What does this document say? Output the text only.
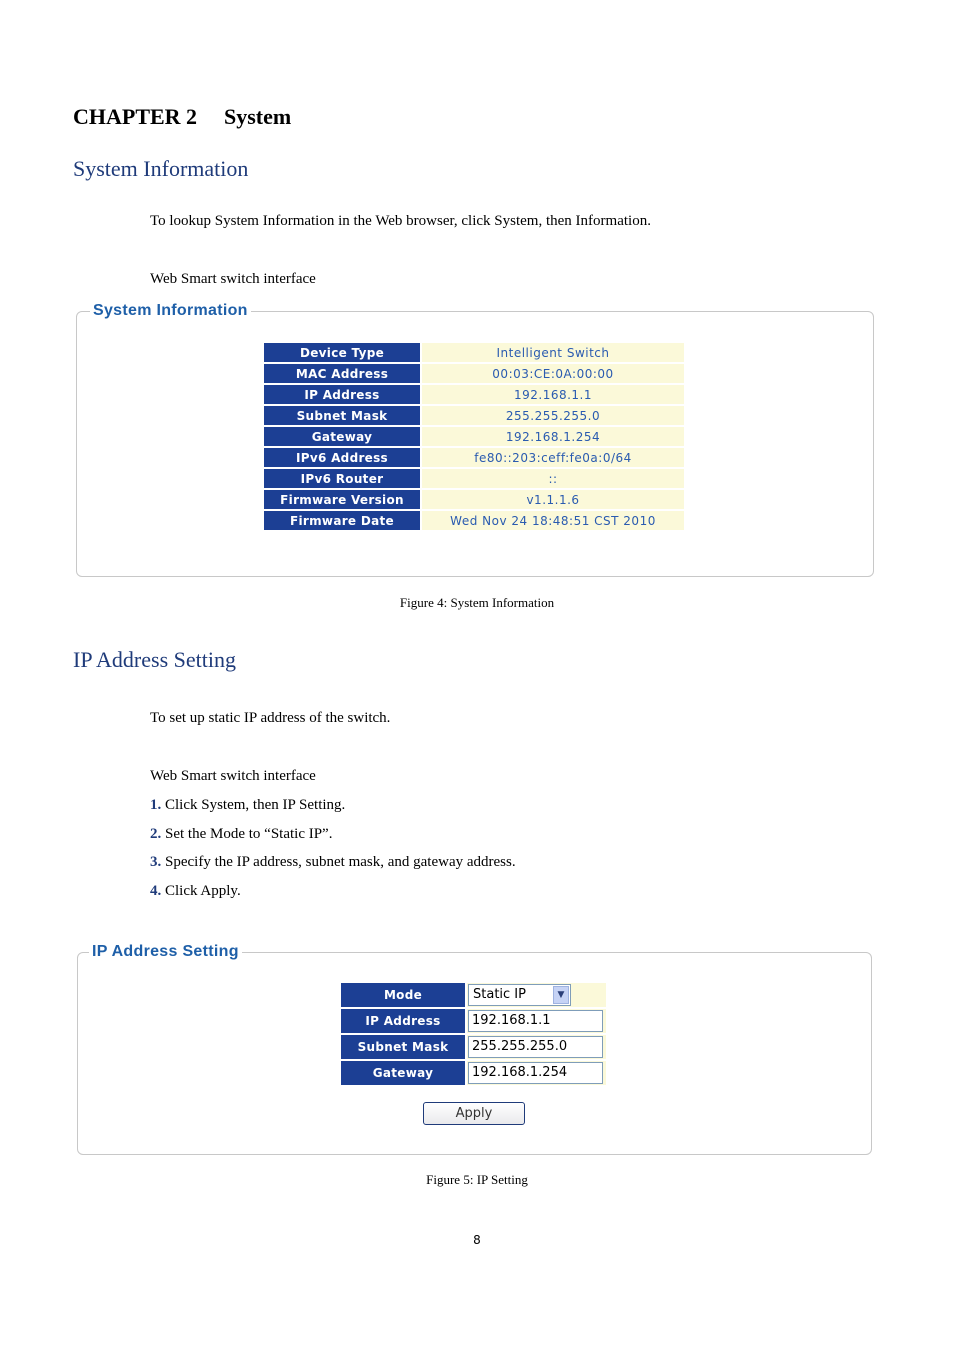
CHAPTER 2 System
System Information
To lookup System Information in the Web browser, click System, then Information.
Web Smart switch interface
System Information
Device Type	Intelligent Switch
MAC Address	00:03:CE:0A:00:00
IP Address	192.168.1.1
Subnet Mask	255.255.255.0
Gateway	192.168.1.254
IPv6 Address	fe80::203:ceff:fe0a:0/64
IPv6 Router	::
Firmware Version	v1.1.1.6
Firmware Date	Wed Nov 24 18:48:51 CST 2010
Figure 4: System Information
IP Address Setting
To set up static IP address of the switch.
Web Smart switch interface
1. Click System, then IP Setting.
2. Set the Mode to “Static IP”.
3. Specify the IP address, subnet mask, and gateway address.
4. Click Apply.
IP Address Setting
Mode	Static IP ▼

IP Address	192.168.1.1
Subnet Mask	255.255.255.0
Gateway	192.168.1.254
Apply
Figure 5: IP Setting
8
